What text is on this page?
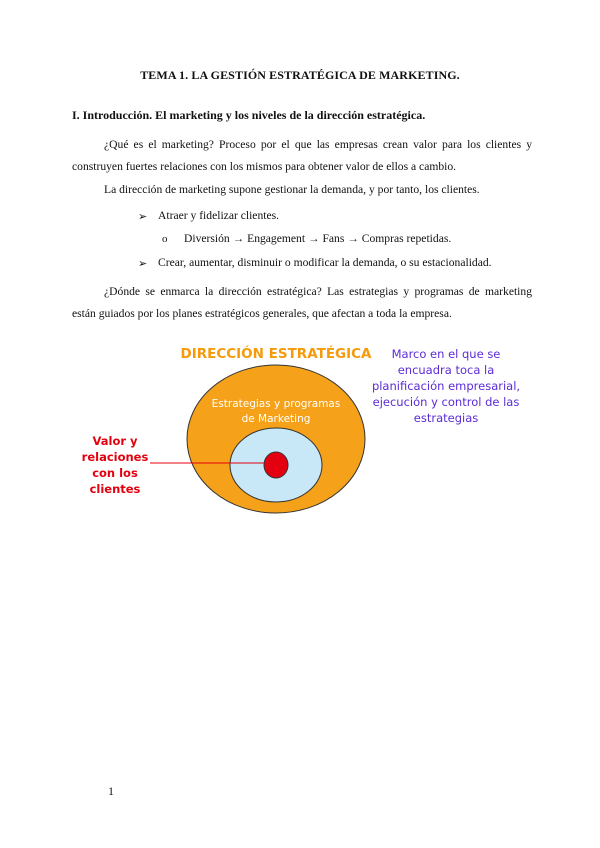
TEMA 1. LA GESTIÓN ESTRATÉGICA DE MARKETING.
I. Introducción. El marketing y los niveles de la dirección estratégica.

¿Qué es el marketing? Proceso por el que las empresas crean valor para los clientes y construyen fuertes relaciones con los mismos para obtener valor de ellos a cambio.

La dirección de marketing supone gestionar la demanda, y por tanto, los clientes.
➢ Atraer y fidelizar clientes.
o Diversión → Engagement → Fans → Compras repetidas.
➢ Crear, aumentar, disminuir o modificar la demanda, o su estacionalidad.

¿Dónde se enmarca la dirección estratégica? Las estrategias y programas de marketing están guiados por los planes estratégicos generales, que afectan a toda la empresa.

DIRECCIÓN ESTRATÉGICA
Estrategias y programas
de Marketing
Marco en el que se
encuadra toca la
planificación empresarial,
ejecución y control de las
estrategias
Valor y
relaciones
con los
clientes
1
